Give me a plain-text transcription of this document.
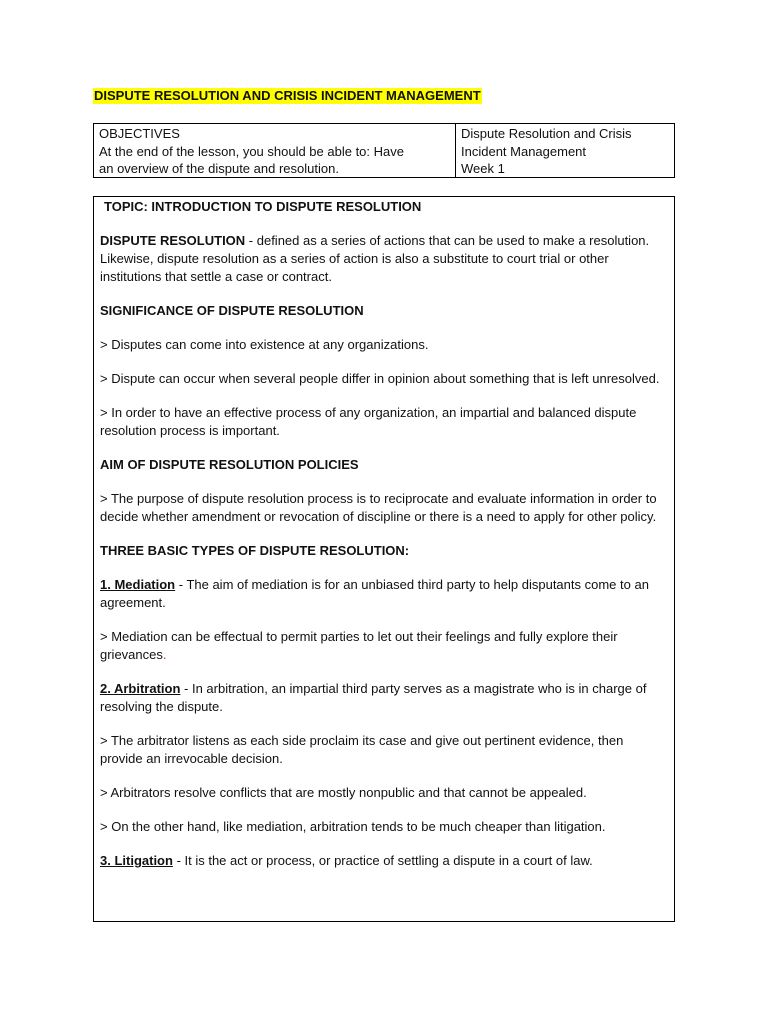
DISPUTE RESOLUTION AND CRISIS INCIDENT MANAGEMENT
OBJECTIVES
At the end of the lesson, you should be able to: Have
an overview of the dispute and resolution.
Dispute Resolution and Crisis
Incident Management
Week 1

TOPIC: INTRODUCTION TO DISPUTE RESOLUTION

DISPUTE RESOLUTION - defined as a series of actions that can be used to make a resolution. Likewise, dispute resolution as a series of action is also a substitute to court trial or other institutions that settle a case or contract.

SIGNIFICANCE OF DISPUTE RESOLUTION

> Disputes can come into existence at any organizations.

> Dispute can occur when several people differ in opinion about something that is left unresolved.

> In order to have an effective process of any organization, an impartial and balanced dispute resolution process is important.

AIM OF DISPUTE RESOLUTION POLICIES

> The purpose of dispute resolution process is to reciprocate and evaluate information in order to decide whether amendment or revocation of discipline or there is a need to apply for other policy.

THREE BASIC TYPES OF DISPUTE RESOLUTION:

1. Mediation - The aim of mediation is for an unbiased third party to help disputants come to an agreement.

> Mediation can be effectual to permit parties to let out their feelings and fully explore their grievances.

2. Arbitration - In arbitration, an impartial third party serves as a magistrate who is in charge of resolving the dispute.

> The arbitrator listens as each side proclaim its case and give out pertinent evidence, then provide an irrevocable decision.

> Arbitrators resolve conflicts that are mostly nonpublic and that cannot be appealed.

> On the other hand, like mediation, arbitration tends to be much cheaper than litigation.

3. Litigation - It is the act or process, or practice of settling a dispute in a court of law.
